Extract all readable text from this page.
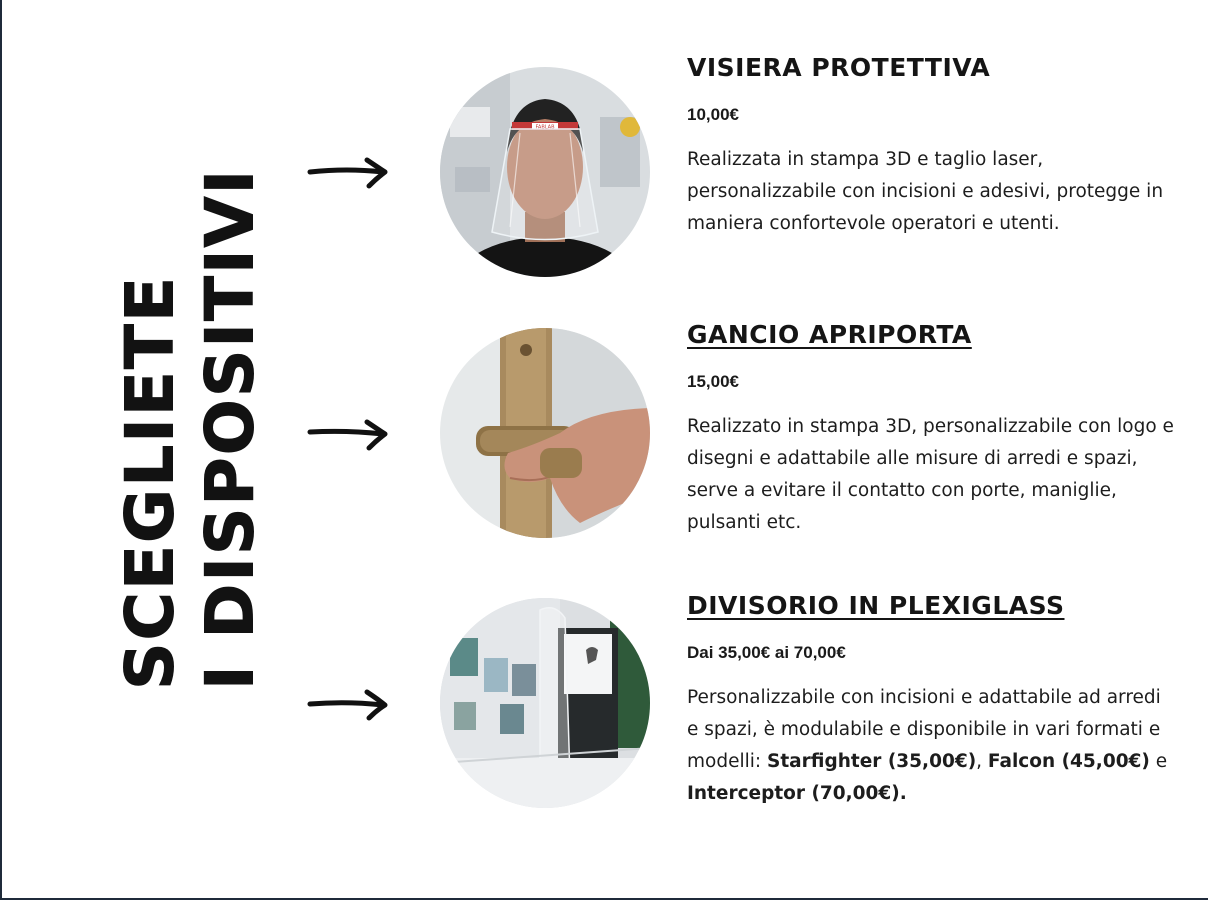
SCEGLIETE I DISPOSITIVI
FABLAB
VISIERA PROTETTIVA
10,00€
Realizzata in stampa 3D e taglio laser, personalizzabile con incisioni e adesivi, protegge in maniera confortevole operatori e utenti.
GANCIO APRIPORTA
15,00€
Realizzato in stampa 3D, personalizzabile con logo e disegni e adattabile alle misure di arredi e spazi, serve a evitare il contatto con porte, maniglie, pulsanti etc.
DIVISORIO IN PLEXIGLASS
Dai 35,00€ ai 70,00€
Personalizzabile con incisioni e adattabile ad arredi e spazi, è modulabile e disponibile in vari formati e modelli: Starfighter (35,00€), Falcon (45,00€) e Interceptor (70,00€).
